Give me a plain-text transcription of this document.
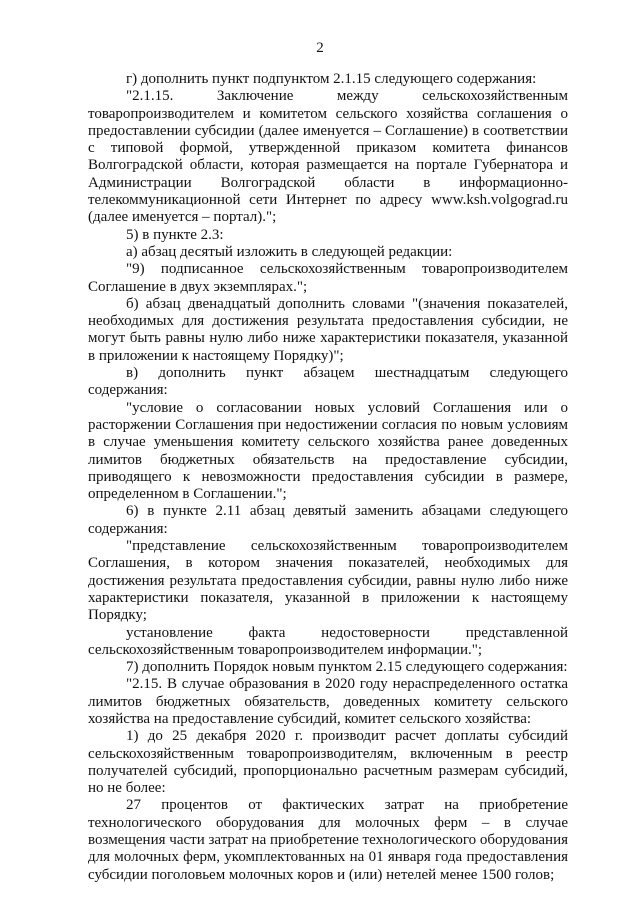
2

г) дополнить пункт подпунктом 2.1.15 следующего содержания:

"2.1.15. Заключение между сельскохозяйственным товаропроизводителем и комитетом сельского хозяйства соглашения о предоставлении субсидии (далее именуется – Соглашение) в соответствии с типовой формой, утвержденной приказом комитета финансов Волгоградской области, которая размещается на портале Губернатора и Администрации Волгоградской области в информационно-телекоммуникационной сети Интернет по адресу www.ksh.volgograd.ru (далее именуется – портал).";

5) в пункте 2.3:

а) абзац десятый изложить в следующей редакции:

"9) подписанное сельскохозяйственным товаропроизводителем Соглашение в двух экземплярах.";

б) абзац двенадцатый дополнить словами "(значения показателей, необходимых для достижения результата предоставления субсидии, не могут быть равны нулю либо ниже характеристики показателя, указанной в приложении к настоящему Порядку)";

в) дополнить пункт абзацем шестнадцатым следующего содержания:

"условие о согласовании новых условий Соглашения или о расторжении Соглашения при недостижении согласия по новым условиям в случае уменьшения комитету сельского хозяйства ранее доведенных лимитов бюджетных обязательств на предоставление субсидии, приводящего к невозможности предоставления субсидии в размере, определенном в Соглашении.";

6) в пункте 2.11 абзац девятый заменить абзацами следующего содержания:

"представление сельскохозяйственным товаропроизводителем Соглашения, в котором значения показателей, необходимых для достижения результата предоставления субсидии, равны нулю либо ниже характеристики показателя, указанной в приложении к настоящему Порядку;

установление факта недостоверности представленной сельскохозяйственным товаропроизводителем информации.";

7) дополнить Порядок новым пунктом 2.15 следующего содержания:

"2.15. В случае образования в 2020 году нераспределенного остатка лимитов бюджетных обязательств, доведенных комитету сельского хозяйства на предоставление субсидий, комитет сельского хозяйства:

1) до 25 декабря 2020 г. производит расчет доплаты субсидий сельскохозяйственным товаропроизводителям, включенным в реестр получателей субсидий, пропорционально расчетным размерам субсидий, но не более:

27 процентов от фактических затрат на приобретение технологического оборудования для молочных ферм – в случае возмещения части затрат на приобретение технологического оборудования для молочных ферм, укомплектованных на 01 января года предоставления субсидии поголовьем молочных коров и (или) нетелей менее 1500 голов;
